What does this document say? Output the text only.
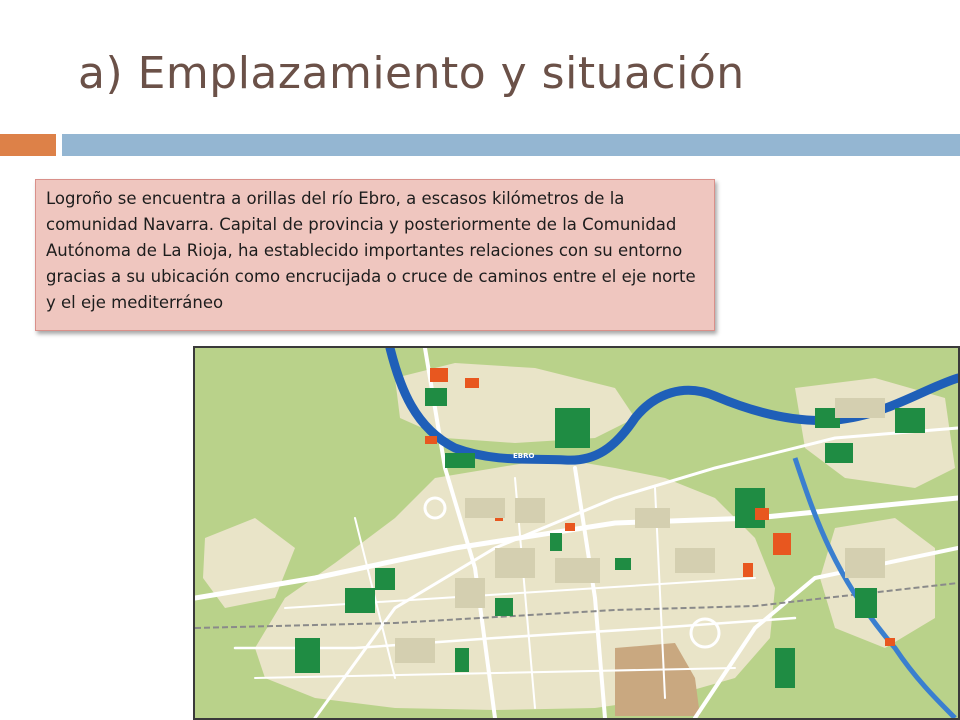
a) Emplazamiento y situación
Logroño se encuentra a orillas del río Ebro, a escasos kilómetros de la comunidad Navarra. Capital de provincia y posteriormente de la Comunidad Autónoma de La Rioja, ha establecido importantes relaciones con su entorno gracias a su ubicación como encrucijada o cruce de caminos entre el eje norte y el eje mediterráneo
EBRO
